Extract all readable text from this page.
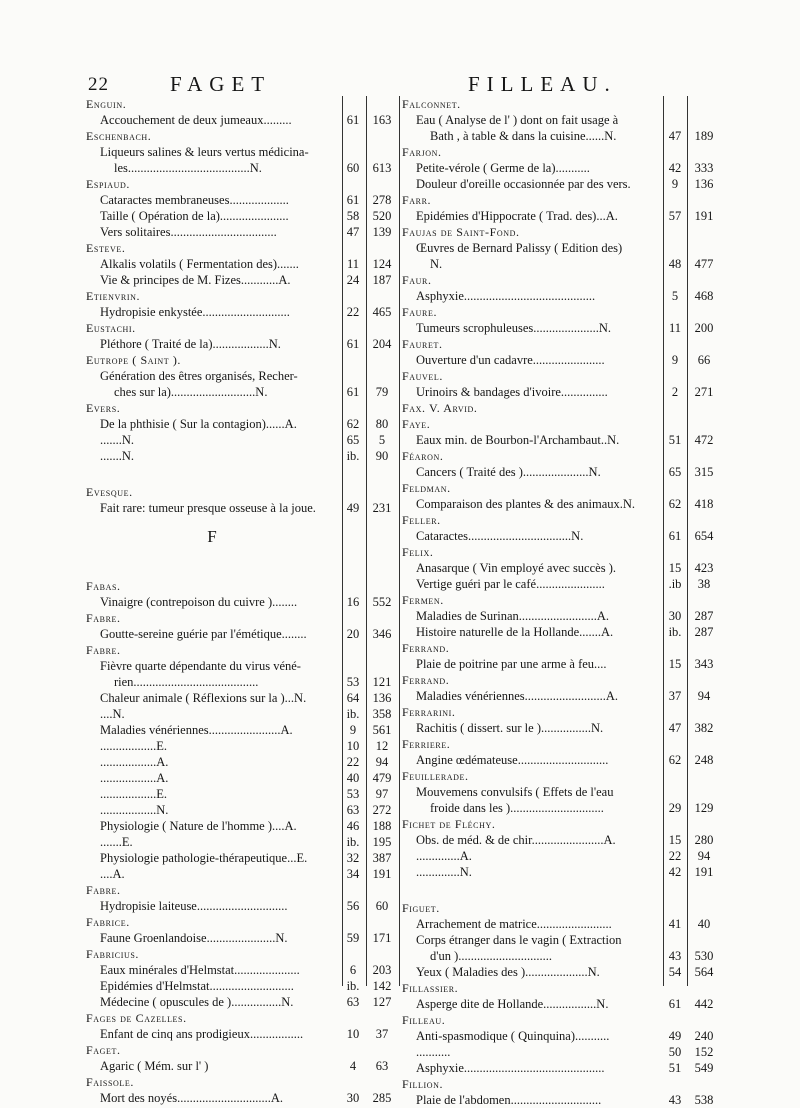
22	FAGET	FILLEAU.
Enguin.
Accouchement de deux jumeaux.........	61	163
Eschenbach.
Liqueurs salines & leurs vertus médicina-
les.......................................N.	60	613
Espiaud.
Cataractes membraneuses...................	61	278
Taille ( Opération de la)......................	58	520
Vers solitaires..................................	47	139
Esteve.
Alkalis volatils ( Fermentation des).......	11	124
Vie & principes de M. Fizes............A.	24	187
Etienvrin.
Hydropisie enkystée............................	22	465
Eustachi.
Pléthore ( Traité de la)..................N.	61	204
Eutrope ( Saint ).
Génération des êtres organisés, Recher-
ches sur la)...........................N.	61	79
Evers.
De la phthisie ( Sur la contagion)......A.	62	80
.......N.	65	5
.......N.	ib.	90
Evesque.
Fait rare: tumeur presque osseuse à la joue.	49	231
F
Fabas.
Vinaigre (contrepoison du cuivre )........	16	552
Fabre.
Goutte-sereine guérie par l'émétique........	20	346
Fabre.
Fièvre quarte dépendante du virus véné-
rien........................................	53	121
Chaleur animale ( Réflexions sur la )...N.	64	136
....N.	ib.	358
Maladies vénériennes.......................A.	9	561
..................E.	10	12
..................A.	22	94
..................A.	40	479
..................E.	53	97
..................N.	63	272
Physiologie ( Nature de l'homme )....A.	46	188
.......E.	ib.	195
Physiologie pathologie-thérapeutique...E.	32	387
....A.	34	191
Fabre.
Hydropisie laiteuse.............................	56	60
Fabrice.
Faune Groenlandoise......................N.	59	171
Fabricius.
Eaux minérales d'Helmstat.....................	6	203
Epidémies d'Helmstat...........................	ib.	142
Médecine ( opuscules de )................N.	63	127
Fages de Cazelles.
Enfant de cinq ans prodigieux.................	10	37
Faget.
Agaric ( Mém. sur l' )	4	63
Faissole.
Mort des noyés..............................A.	30	285
Falconnet.
Eau ( Analyse de l' ) dont on fait usage à
Bath , à table & dans la cuisine......N.	47	189
Farjon.
Petite-vérole ( Germe de la)...........	42	333
Douleur d'oreille occasionnée par des vers.	9	136
Farr.
Epidémies d'Hippocrate ( Trad. des)...A.	57	191
Faujas de Saint-Fond.
Œuvres de Bernard Palissy ( Edition des)
N.	48	477
Faur.
Asphyxie..........................................	5	468
Faure.
Tumeurs scrophuleuses.....................N.	11	200
Fauret.
Ouverture d'un cadavre.......................	9	66
Fauvel.
Urinoirs & bandages d'ivoire...............	2	271
Fax. V. Arvid.
Faye.
Eaux min. de Bourbon-l'Archambaut..N.	51	472
Féaron.
Cancers ( Traité des ).....................N.	65	315
Feldman.
Comparaison des plantes & des animaux.N.	62	418
Feller.
Cataractes.................................N.	61	654
Felix.
Anasarque ( Vin employé avec succès ).	15	423
Vertige guéri par le café......................	.ib	38
Fermen.
Maladies de Surinan.........................A.	30	287
Histoire naturelle de la Hollande.......A.	ib.	287
Ferrand.
Plaie de poitrine par une arme à feu....	15	343
Ferrand.
Maladies vénériennes..........................A.	37	94
Ferrarini.
Rachitis ( dissert. sur le )................N.	47	382
Ferriere.
Angine œdémateuse.............................	62	248
Feuillerade.
Mouvemens convulsifs ( Effets de l'eau
froide dans les )..............................	29	129
Fichet de Fléchy.
Obs. de méd. & de chir.......................A.	15	280
..............A.	22	94
..............N.	42	191
Figuet.
Arrachement de matrice........................	41	40
Corps étranger dans le vagin ( Extraction
d'un )..............................	43	530
Yeux ( Maladies des )....................N.	54	564
Fillassier.
Asperge dite de Hollande.................N.	61	442
Filleau.
Anti-spasmodique ( Quinquina)...........	49	240
...........	50	152
Asphyxie.............................................	51	549
Fillion.
Plaie de l'abdomen.............................	43	538
